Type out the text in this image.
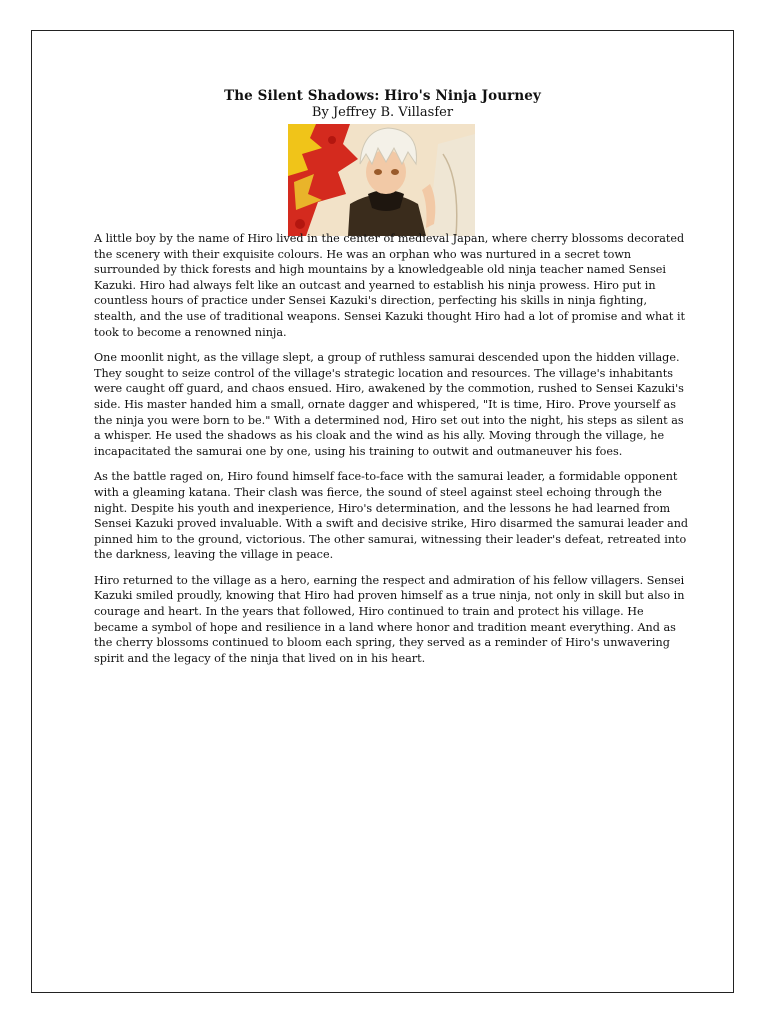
The Silent Shadows: Hiro's Ninja Journey
By Jeffrey B. Villasfer

A little boy by the name of Hiro lived in the center of medieval Japan, where cherry blossoms decorated the scenery with their exquisite colours. He was an orphan who was nurtured in a secret town surrounded by thick forests and high mountains by a knowledgeable old ninja teacher named Sensei Kazuki. Hiro had always felt like an outcast and yearned to establish his ninja prowess. Hiro put in countless hours of practice under Sensei Kazuki's direction, perfecting his skills in ninja fighting, stealth, and the use of traditional weapons. Sensei Kazuki thought Hiro had a lot of promise and what it took to become a renowned ninja.

One moonlit night, as the village slept, a group of ruthless samurai descended upon the hidden village. They sought to seize control of the village's strategic location and resources. The village's inhabitants were caught off guard, and chaos ensued. Hiro, awakened by the commotion, rushed to Sensei Kazuki's side. His master handed him a small, ornate dagger and whispered, "It is time, Hiro. Prove yourself as the ninja you were born to be." With a determined nod, Hiro set out into the night, his steps as silent as a whisper. He used the shadows as his cloak and the wind as his ally. Moving through the village, he incapacitated the samurai one by one, using his training to outwit and outmaneuver his foes.

As the battle raged on, Hiro found himself face-to-face with the samurai leader, a formidable opponent with a gleaming katana. Their clash was fierce, the sound of steel against steel echoing through the night. Despite his youth and inexperience, Hiro's determination, and the lessons he had learned from Sensei Kazuki proved invaluable. With a swift and decisive strike, Hiro disarmed the samurai leader and pinned him to the ground, victorious. The other samurai, witnessing their leader's defeat, retreated into the darkness, leaving the village in peace.

Hiro returned to the village as a hero, earning the respect and admiration of his fellow villagers. Sensei Kazuki smiled proudly, knowing that Hiro had proven himself as a true ninja, not only in skill but also in courage and heart. In the years that followed, Hiro continued to train and protect his village. He became a symbol of hope and resilience in a land where honor and tradition meant everything. And as the cherry blossoms continued to bloom each spring, they served as a reminder of Hiro's unwavering spirit and the legacy of the ninja that lived on in his heart.
